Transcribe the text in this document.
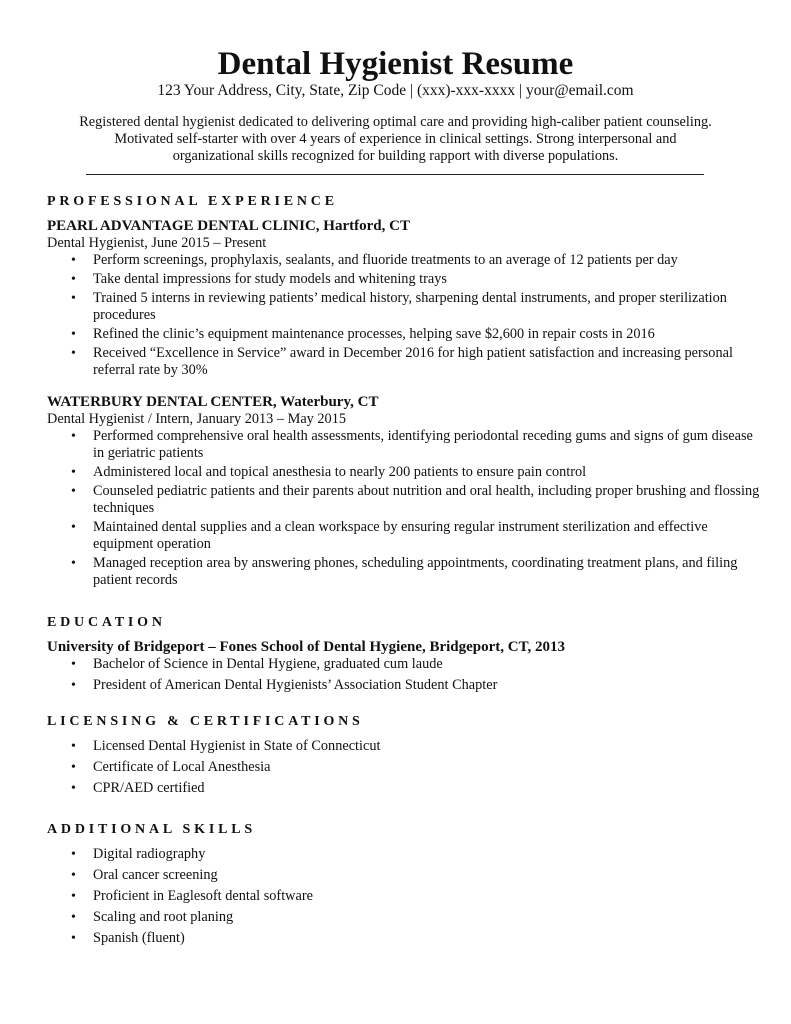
Dental Hygienist Resume
123 Your Address, City, State, Zip Code | (xxx)-xxx-xxxx | your@email.com
Registered dental hygienist dedicated to delivering optimal care and providing high-caliber patient counseling.
Motivated self-starter with over 4 years of experience in clinical settings. Strong interpersonal and
organizational skills recognized for building rapport with diverse populations.
PROFESSIONAL EXPERIENCE
PEARL ADVANTAGE DENTAL CLINIC, Hartford, CT
Dental Hygienist, June 2015 – Present
• Perform screenings, prophylaxis, sealants, and fluoride treatments to an average of 12 patients per day
• Take dental impressions for study models and whitening trays
• Trained 5 interns in reviewing patients’ medical history, sharpening dental instruments, and proper sterilization procedures
• Refined the clinic’s equipment maintenance processes, helping save $2,600 in repair costs in 2016
• Received “Excellence in Service” award in December 2016 for high patient satisfaction and increasing personal referral rate by 30%
WATERBURY DENTAL CENTER, Waterbury, CT
Dental Hygienist / Intern, January 2013 – May 2015
• Performed comprehensive oral health assessments, identifying periodontal receding gums and signs of gum disease in geriatric patients
• Administered local and topical anesthesia to nearly 200 patients to ensure pain control
• Counseled pediatric patients and their parents about nutrition and oral health, including proper brushing and flossing techniques
• Maintained dental supplies and a clean workspace by ensuring regular instrument sterilization and effective equipment operation
• Managed reception area by answering phones, scheduling appointments, coordinating treatment plans, and filing patient records
EDUCATION
University of Bridgeport – Fones School of Dental Hygiene, Bridgeport, CT, 2013
• Bachelor of Science in Dental Hygiene, graduated cum laude
• President of American Dental Hygienists’ Association Student Chapter
LICENSING & CERTIFICATIONS
• Licensed Dental Hygienist in State of Connecticut
• Certificate of Local Anesthesia
• CPR/AED certified
ADDITIONAL SKILLS
• Digital radiography
• Oral cancer screening
• Proficient in Eaglesoft dental software
• Scaling and root planing
• Spanish (fluent)
